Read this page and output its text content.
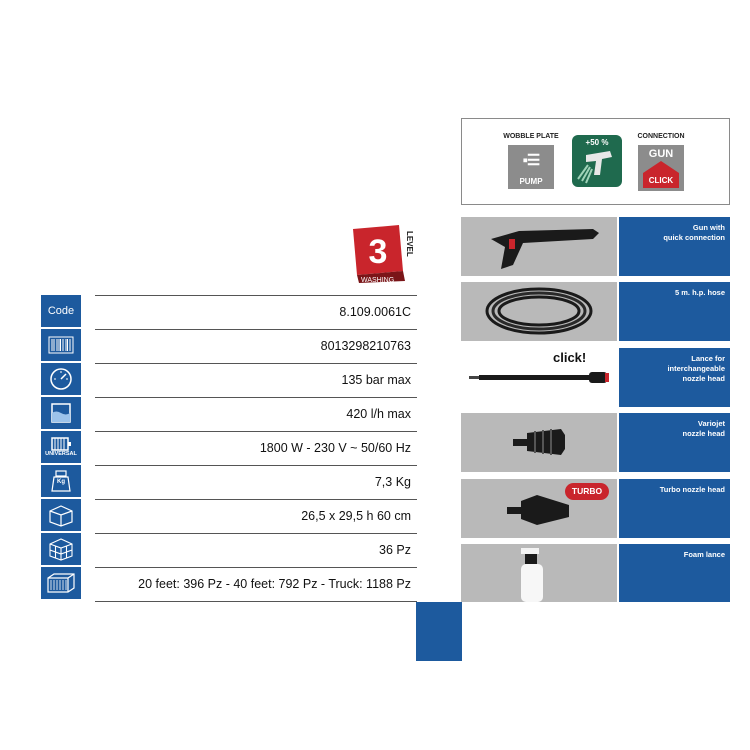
WOBBLE PLATE
▪☰
PUMP
+50 %
CONNECTION
GUN
CLICK
3 LEVEL
WASHING
Code
UNIVERSAL
Kg
8.109.0061C
8013298210763
135 bar max
420 l/h max
1800 W - 230 V ~ 50/60 Hz
7,3 Kg
26,5 x 29,5 h 60 cm
36 Pz
20 feet: 396 Pz - 40 feet: 792 Pz - Truck: 1188 Pz
Gun with
quick connection
5 m. h.p. hose
click!	Lance for
interchangeable
nozzle head
Variojet
nozzle head
TURBO	Turbo nozzle head
Foam lance
